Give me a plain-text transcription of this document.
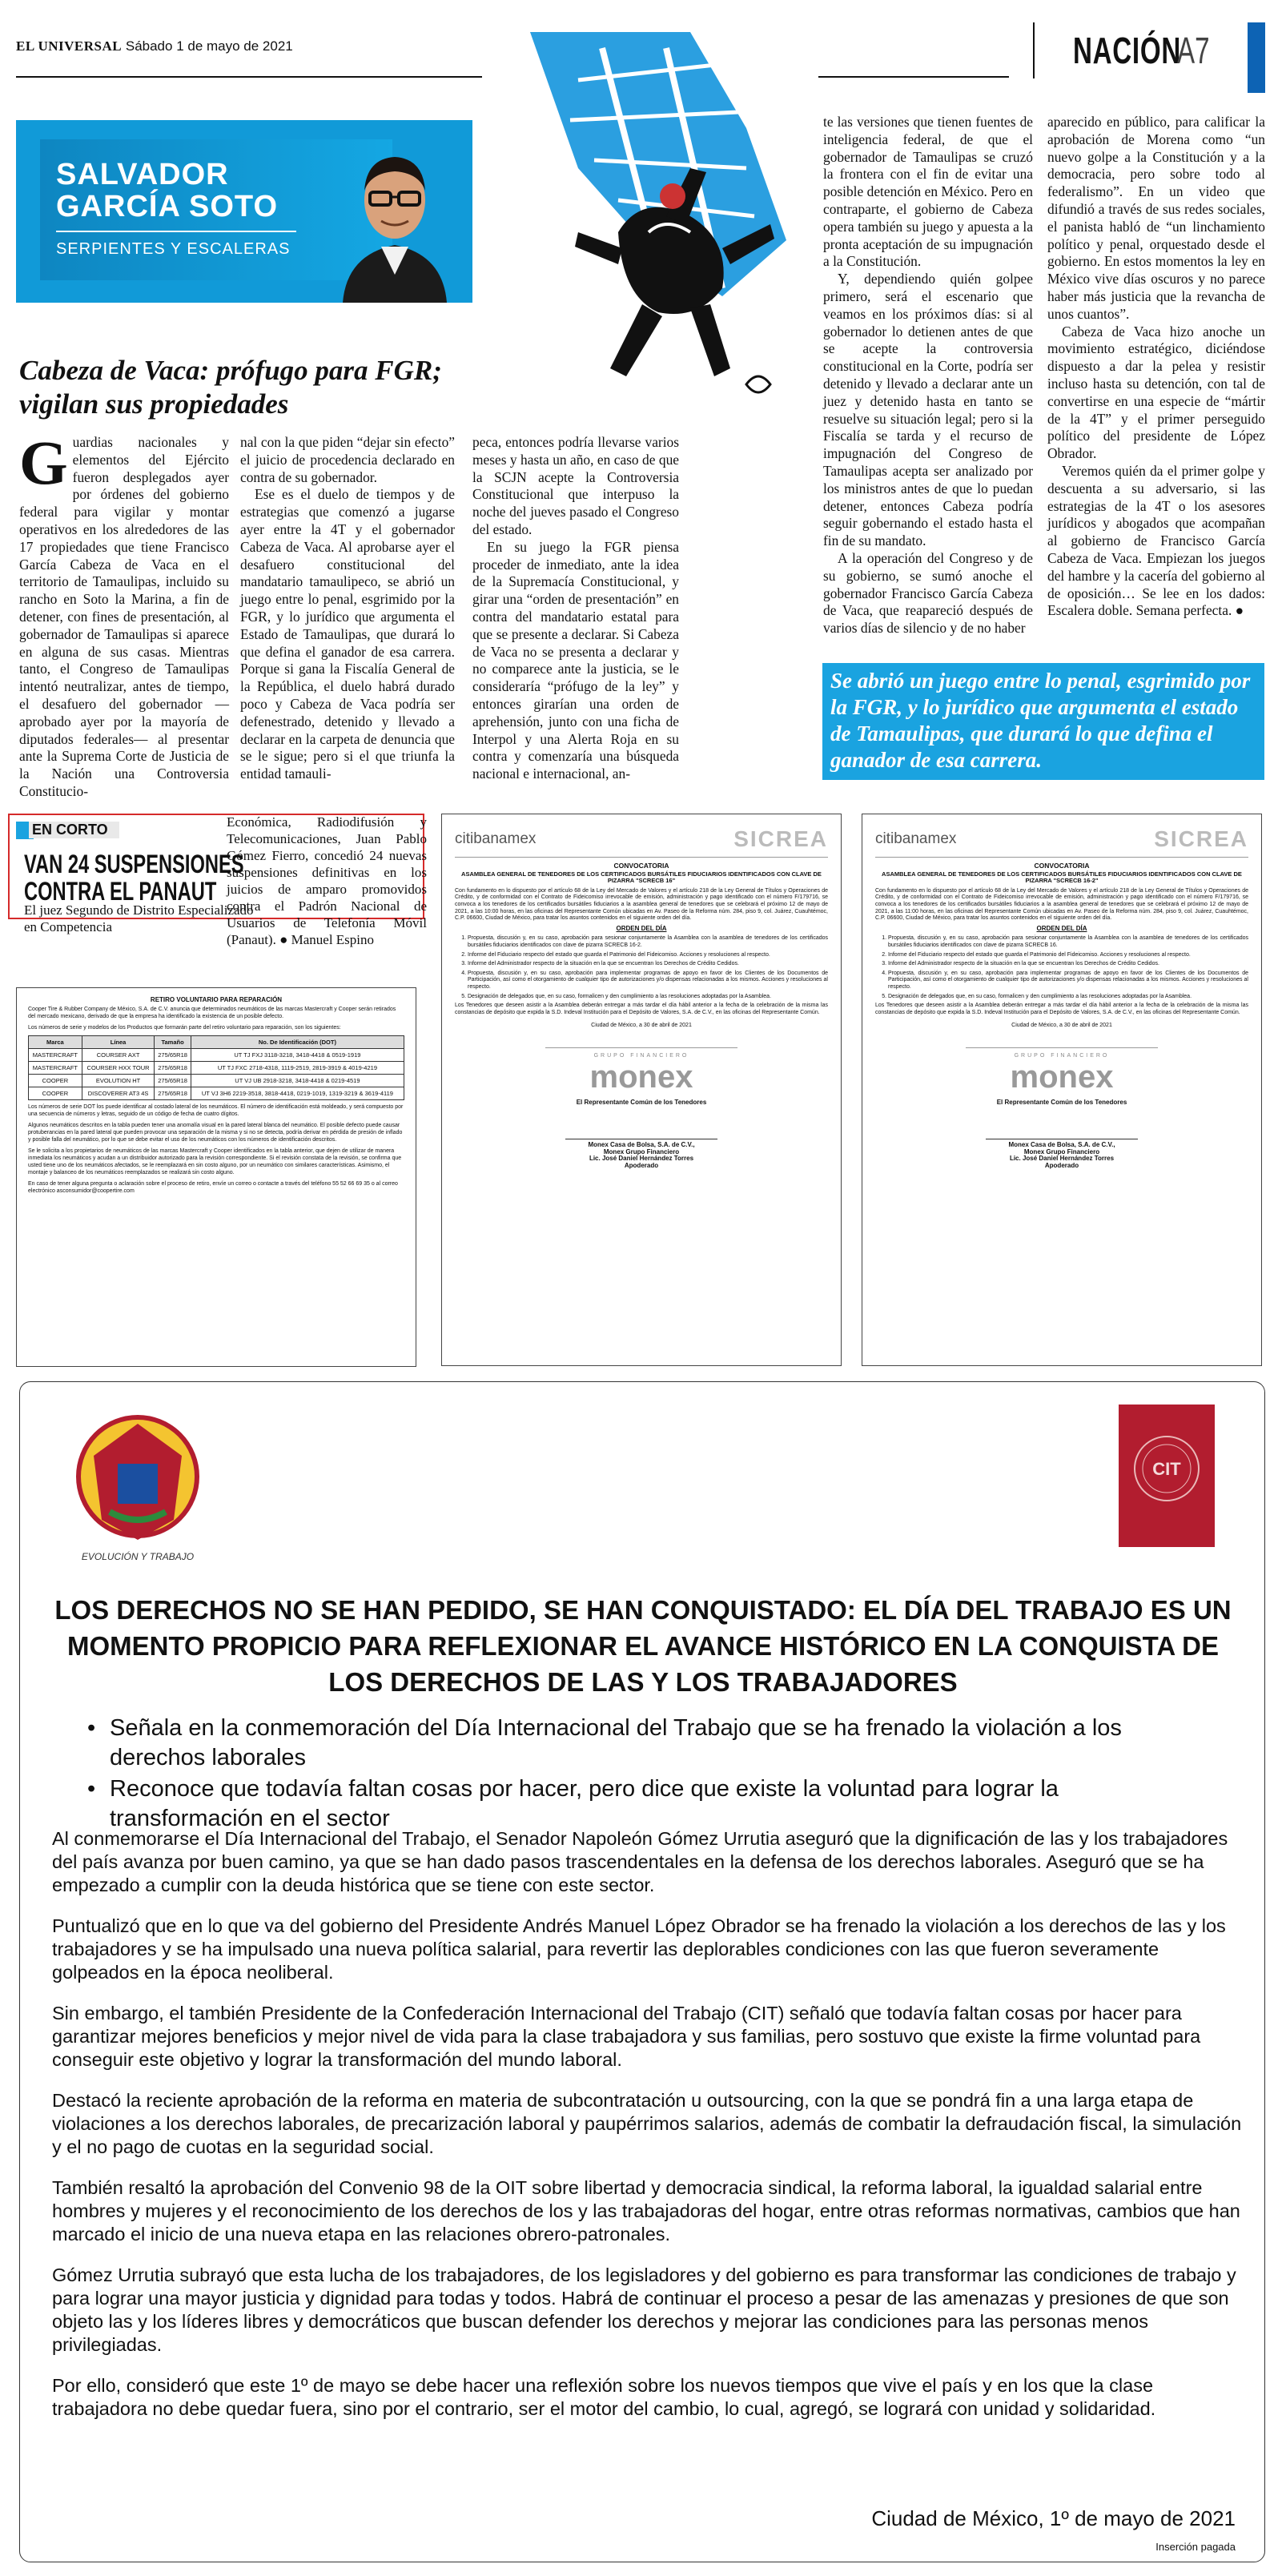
EL UNIVERSAL Sábado 1 de mayo de 2021	NACIÓN
A7
SALVADOR
GARCÍA SOTO
SERPIENTES Y ESCALERAS
Cabeza de Vaca: prófugo para FGR; vigilan sus propiedades

Guardias nacionales y elementos del Ejército fueron desplegados ayer por órdenes del gobierno federal para vigilar y montar operativos en los alrededores de las 17 propiedades que tiene Francisco García Cabeza de Vaca en el territorio de Tamaulipas, incluido su rancho en Soto la Marina, a fin de detener, con fines de presentación, al gobernador de Tamaulipas si aparece en alguna de sus casas. Mientras tanto, el Congreso de Tamaulipas intentó neutralizar, antes de tiempo, el desafuero del gobernador —aprobado ayer por la mayoría de diputados federales— al presentar ante la Suprema Corte de Justicia de la Nación una Controversia Constitucio-

nal con la que piden “dejar sin efecto” el juicio de procedencia declarado en contra de su gobernador.

Ese es el duelo de tiempos y de estrategias que comenzó a jugarse ayer entre la 4T y el gobernador Cabeza de Vaca. Al aprobarse ayer el desafuero constitucional del mandatario tamaulipeco, se abrió un juego entre lo penal, esgrimido por la FGR, y lo jurídico que argumenta el Estado de Tamaulipas, que durará lo que defina el ganador de esa carrera. Porque si gana la Fiscalía General de la República, el duelo habrá durado poco y Cabeza de Vaca podría ser defenestrado, detenido y llevado a declarar en la carpeta de denuncia que se le sigue; pero si el que triunfa la entidad tamauli-

peca, entonces podría llevarse varios meses y hasta un año, en caso de que la SCJN acepte la Controversia Constitucional que interpuso la noche del jueves pasado el Congreso del estado.

En su juego la FGR piensa proceder de inmediato, ante la idea de la Supremacía Constitucional, y girar una “orden de presentación” en contra del mandatario estatal para que se presente a declarar. Si Cabeza de Vaca no se presenta a declarar y no comparece ante la justicia, se le consideraría “prófugo de la ley” y entonces girarían una orden de aprehensión, junto con una ficha de Interpol y una Alerta Roja en su contra y comenzaría una búsqueda nacional e internacional, an-

te las versiones que tienen fuentes de inteligencia federal, de que el gobernador de Tamaulipas se cruzó la frontera con el fin de evitar una posible detención en México. Pero en contraparte, el gobierno de Cabeza opera también su juego y apuesta a la pronta aceptación de su impugnación a la Constitución.

Y, dependiendo quién golpee primero, será el escenario que veamos en los próximos días: si al gobernador lo detienen antes de que se acepte la controversia constitucional en la Corte, podría ser detenido y llevado a declarar ante un juez y detenido hasta en tanto se resuelve su situación legal; pero si la Fiscalía se tarda y el recurso de impugnación del Congreso de Tamaulipas acepta ser analizado por los ministros antes de que lo puedan detener, entonces Cabeza podría seguir gobernando el estado hasta el fin de su mandato.

A la operación del Congreso y de su gobierno, se sumó anoche el gobernador Francisco García Cabeza de Vaca, que reapareció después de varios días de silencio y de no haber

aparecido en público, para calificar la aprobación de Morena como “un nuevo golpe a la Constitución y a la democracia, pero sobre todo al federalismo”. En un video que difundió a través de sus redes sociales, el panista habló de “un linchamiento político y penal, orquestado desde el gobierno. En estos momentos la ley en México vive días oscuros y no parece haber más justicia que la revancha de unos cuantos”.

Cabeza de Vaca hizo anoche un movimiento estratégico, diciéndose dispuesto a dar la pelea y resistir incluso hasta su detención, con tal de convertirse en una especie de “mártir de la 4T” y el primer perseguido político del presidente de López Obrador.

Veremos quién da el primer golpe y descuenta a su adversario, si las estrategias de la 4T o los asesores jurídicos y abogados que acompañan al gobierno de Francisco García Cabeza de Vaca. Empiezan los juegos del hambre y la cacería del gobierno al de oposición… Se lee en los dados: Escalera doble. Semana perfecta. ●

Se abrió un juego entre lo penal, esgrimido por la FGR, y lo jurídico que argumenta el estado de Tamaulipas, que durará lo que defina el ganador de esa carrera.
EN CORTO
VAN 24 SUSPENSIONES CONTRA EL PANAUT
El juez Segundo de Distrito Especializado en Competencia
Económica, Radiodifusión y Telecomunicaciones, Juan Pablo Gómez Fierro, concedió 24 nuevas suspensiones definitivas en los juicios de amparo promovidos contra el Padrón Nacional de Usuarios de Telefonía Móvil (Panaut). ● Manuel Espino
RETIRO VOLUNTARIO PARA REPARACIÓN

Cooper Tire & Rubber Company de México, S.A. de C.V. anuncia que determinados neumáticos de las marcas Mastercraft y Cooper serán retirados del mercado mexicano, derivado de que la empresa ha identificado la existencia de un posible defecto.

Los números de serie y modelos de los Productos que formarán parte del retiro voluntario para reparación, son los siguientes:

Marca	Línea	Tamaño	No. De Identificación (DOT)
MASTERCRAFT	COURSER AXT	275/65R18	UT TJ FXJ 3118-3218, 3418-4418 & 0519-1919
MASTERCRAFT	COURSER HXX TOUR	275/65R18	UT TJ FXC 2718-4318, 1119-2519, 2819-3919 & 4019-4219
COOPER	EVOLUTION HT	275/65R18	UT VJ UB 2918-3218, 3418-4418 & 0219-4519
COOPER	DISCOVERER AT3 4S	275/65R18	UT VJ 3H6 2219-3518, 3818-4418, 0219-1019, 1319-3219 & 3619-4119

Los números de serie DOT los puede identificar al costado lateral de los neumáticos. El número de identificación está moldeado, y será compuesto por una secuencia de números y letras, seguido de un código de fecha de cuatro dígitos.

Algunos neumáticos descritos en la tabla pueden tener una anomalía visual en la pared lateral blanca del neumático. El posible defecto puede causar protuberancias en la pared lateral que pueden provocar una separación de la misma y si no se detecta, podría derivar en pérdida de presión de inflado y posible falla del neumático, por lo que se debe evitar el uso de los neumáticos con los números de identificación descritos.

Se le solicita a los propietarios de neumáticos de las marcas Mastercraft y Cooper identificados en la tabla anterior, que dejen de utilizar de manera inmediata los neumáticos y acudan a un distribuidor autorizado para la revisión correspondiente. Si el revisión constata de la revisión, se confirma que usted tiene uno de los neumáticos afectados, se le reemplazará en sin costo alguno, por un neumático con similares características. Asimismo, el montaje y balanceo de los neumáticos reemplazados se realizará sin costo alguno.

En caso de tener alguna pregunta o aclaración sobre el proceso de retiro, envíe un correo o contacte a través del teléfono 55 52 66 69 35 o al correo electrónico asconsumidor@coopertire.com

citibanamex	SICREA
CONVOCATORIA
ASAMBLEA GENERAL DE TENEDORES DE LOS CERTIFICADOS BURSÁTILES FIDUCIARIOS IDENTIFICADOS CON CLAVE DE PIZARRA "SCRECB 16"
Con fundamento en lo dispuesto por el artículo 68 de la Ley del Mercado de Valores y el artículo 218 de la Ley General de Títulos y Operaciones de Crédito, y de conformidad con el Contrato de Fideicomiso irrevocable de emisión, administración y pago identificado con el número F/179716, se convoca a los tenedores de los certificados bursátiles fiduciarios a la asamblea general de tenedores que se celebrará el próximo 12 de mayo de 2021, a las 10:00 horas, en las oficinas del Representante Común ubicadas en Av. Paseo de la Reforma núm. 284, piso 9, col. Juárez, Cuauhtémoc, C.P. 06600, Ciudad de México, para tratar los asuntos contenidos en el siguiente orden del día.
ORDEN DEL DÍA
1. Propuesta, discusión y, en su caso, aprobación para sesionar conjuntamente la Asamblea con la asamblea de tenedores de los certificados bursátiles fiduciarios identificados con clave de pizarra SCRECB 16-2.
2. Informe del Fiduciario respecto del estado que guarda el Patrimonio del Fideicomiso. Acciones y resoluciones al respecto.
3. Informe del Administrador respecto de la situación en la que se encuentran los Derechos de Crédito Cedidos.
4. Propuesta, discusión y, en su caso, aprobación para implementar programas de apoyo en favor de los Clientes de los Documentos de Participación, así como el otorgamiento de cualquier tipo de autorizaciones y/o dispensas relacionadas a los mismos. Acciones y resoluciones al respecto.
5. Designación de delegados que, en su caso, formalicen y den cumplimiento a las resoluciones adoptadas por la Asamblea.
Los Tenedores que deseen asistir a la Asamblea deberán entregar a más tardar el día hábil anterior a la fecha de la celebración de la misma las constancias de depósito que expida la S.D. Indeval Institución para el Depósito de Valores, S.A. de C.V., en las oficinas del Representante Común.
Ciudad de México, a 30 de abril de 2021
GRUPO FINANCIERO
monex
El Representante Común de los Tenedores
Monex Casa de Bolsa, S.A. de C.V.,
Monex Grupo Financiero
Lic. José Daniel Hernández Torres
Apoderado
citibanamex	SICREA
CONVOCATORIA
ASAMBLEA GENERAL DE TENEDORES DE LOS CERTIFICADOS BURSÁTILES FIDUCIARIOS IDENTIFICADOS CON CLAVE DE PIZARRA "SCRECB 16-2"
Con fundamento en lo dispuesto por el artículo 68 de la Ley del Mercado de Valores y el artículo 218 de la Ley General de Títulos y Operaciones de Crédito, y de conformidad con el Contrato de Fideicomiso irrevocable de emisión, administración y pago identificado con el número F/179716, se convoca a los tenedores de los certificados bursátiles fiduciarios a la asamblea general de tenedores que se celebrará el próximo 12 de mayo de 2021, a las 11:00 horas, en las oficinas del Representante Común ubicadas en Av. Paseo de la Reforma núm. 284, piso 9, col. Juárez, Cuauhtémoc, C.P. 06600, Ciudad de México, para tratar los asuntos contenidos en el siguiente orden del día.
ORDEN DEL DÍA
1. Propuesta, discusión y, en su caso, aprobación para sesionar conjuntamente la Asamblea con la asamblea de tenedores de los certificados bursátiles fiduciarios identificados con clave de pizarra SCRECB 16.
2. Informe del Fiduciario respecto del estado que guarda el Patrimonio del Fideicomiso. Acciones y resoluciones al respecto.
3. Informe del Administrador respecto de la situación en la que se encuentran los Derechos de Crédito Cedidos.
4. Propuesta, discusión y, en su caso, aprobación para implementar programas de apoyo en favor de los Clientes de los Documentos de Participación, así como el otorgamiento de cualquier tipo de autorizaciones y/o dispensas relacionadas a los mismos. Acciones y resoluciones al respecto.
5. Designación de delegados que, en su caso, formalicen y den cumplimiento a las resoluciones adoptadas por la Asamblea.
Los Tenedores que deseen asistir a la Asamblea deberán entregar a más tardar el día hábil anterior a la fecha de la celebración de la misma las constancias de depósito que expida la S.D. Indeval Institución para el Depósito de Valores, S.A. de C.V., en las oficinas del Representante Común.
Ciudad de México, a 30 de abril de 2021
GRUPO FINANCIERO
monex
El Representante Común de los Tenedores
Monex Casa de Bolsa, S.A. de C.V.,
Monex Grupo Financiero
Lic. José Daniel Hernández Torres
Apoderado
EVOLUCIÓN Y TRABAJO
CIT
LOS DERECHOS NO SE HAN PEDIDO, SE HAN CONQUISTADO: EL DÍA DEL TRABAJO ES UN MOMENTO PROPICIO PARA REFLEXIONAR EL AVANCE HISTÓRICO EN LA CONQUISTA DE LOS DERECHOS DE LAS Y LOS TRABAJADORES
• Señala en la conmemoración del Día Internacional del Trabajo que se ha frenado la violación a los derechos laborales
• Reconoce que todavía faltan cosas por hacer, pero dice que existe la voluntad para lograr la transformación en el sector

Al conmemorarse el Día Internacional del Trabajo, el Senador Napoleón Gómez Urrutia aseguró que la dignificación de las y los trabajadores del país avanza por buen camino, ya que se han dado pasos trascendentales en la defensa de los derechos laborales. Aseguró que se ha empezado a cumplir con la deuda histórica que se tiene con este sector.

Puntualizó que en lo que va del gobierno del Presidente Andrés Manuel López Obrador se ha frenado la violación a los derechos de las y los trabajadores y se ha impulsado una nueva política salarial, para revertir las deplorables condiciones con las que fueron severamente golpeados en la época neoliberal.

Sin embargo, el también Presidente de la Confederación Internacional del Trabajo (CIT) señaló que todavía faltan cosas por hacer para garantizar mejores beneficios y mejor nivel de vida para la clase trabajadora y sus familias, pero sostuvo que existe la firme voluntad para conseguir este objetivo y lograr la transformación del mundo laboral.

Destacó la reciente aprobación de la reforma en materia de subcontratación u outsourcing, con la que se pondrá fin a una larga etapa de violaciones a los derechos laborales, de precarización laboral y paupérrimos salarios, además de combatir la defraudación fiscal, la simulación y el no pago de cuotas en la seguridad social.

También resaltó la aprobación del Convenio 98 de la OIT sobre libertad y democracia sindical, la reforma laboral, la igualdad salarial entre hombres y mujeres y el reconocimiento de los derechos de los y las trabajadoras del hogar, entre otras reformas normativas, cambios que han marcado el inicio de una nueva etapa en las relaciones obrero-patronales.

Gómez Urrutia subrayó que esta lucha de los trabajadores, de los legisladores y del gobierno es para transformar las condiciones de trabajo y para lograr una mayor justicia y dignidad para todas y todos. Habrá de continuar el proceso a pesar de las amenazas y presiones de que son objeto las y los líderes libres y democráticos que buscan defender los derechos y mejorar las condiciones para las personas menos privilegiadas.

Por ello, consideró que este 1º de mayo se debe hacer una reflexión sobre los nuevos tiempos que vive el país y en los que la clase trabajadora no debe quedar fuera, sino por el contrario, ser el motor del cambio, lo cual, agregó, se logrará con unidad y solidaridad.

Ciudad de México, 1º de mayo de 2021
Inserción pagada
